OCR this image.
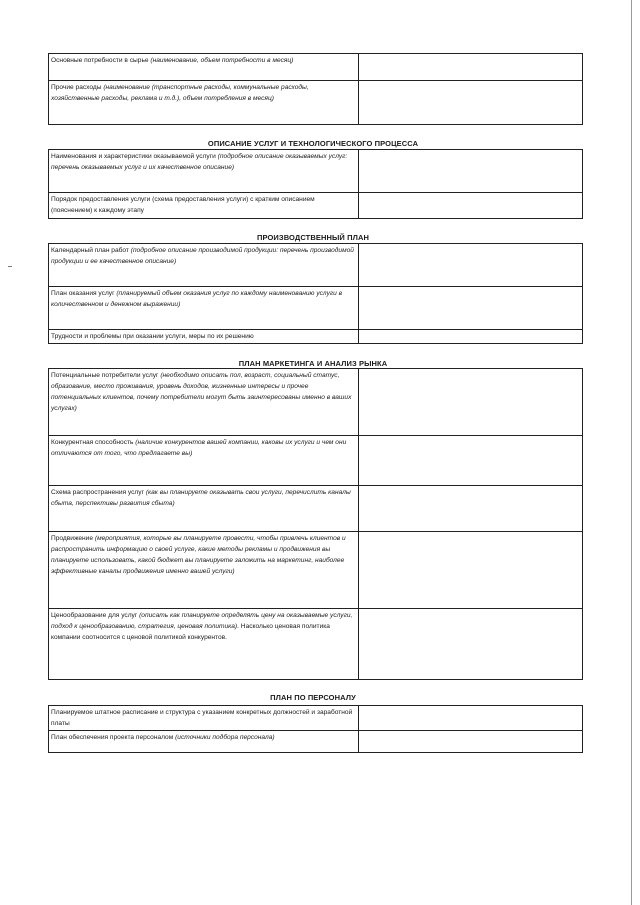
Основные потребности в сырье (наименование, объем потребности в месяц)	
Прочие расходы (наименование (транспортные расходы, коммунальные расходы, хозяйственные расходы, реклама и т.д.), объем потребления в месяц)	
ОПИСАНИЕ УСЛУГ И ТЕХНОЛОГИЧЕСКОГО ПРОЦЕССА
Наименования и характеристики оказываемой услуги (подробное описание оказываемых услуг: перечень оказываемых услуг и их качественное описание)	
Порядок предоставления услуги (схема предоставления услуги) с кратким описанием (пояснением) к каждому этапу	
ПРОИЗВОДСТВЕННЫЙ ПЛАН
Календарный план работ (подробное описание производимой продукции: перечень производимой продукции и ее качественное описание)	
План оказания услуг (планируемый объем оказания услуг по каждому наименованию услуги в количественном и денежном выражении)	
Трудности и проблемы при оказании услуги, меры по их решению	
ПЛАН МАРКЕТИНГА И АНАЛИЗ РЫНКА
Потенциальные потребители услуг (необходимо описать пол, возраст, социальный статус, образование, место проживания, уровень доходов, жизненные интересы и прочее потенциальных клиентов, почему потребители могут быть заинтересованы именно в ваших услугах)	
Конкурентная способность (наличие конкурентов вашей компании, каковы их услуги и чем они отличаются от того, что предлагаете вы)	
Схема распространения услуг (как вы планируете оказывать свои услуги, перечислить каналы сбыта, перспективы развития сбыта)	
Продвижение (мероприятия, которые вы планируете провести, чтобы привлечь клиентов и распространить информацию о своей услуге, какие методы рекламы и продвижения вы планируете использовать, какой бюджет вы планируете заложить на маркетинг, наиболее эффективные каналы продвижения именно вашей услуги)	
Ценообразование для услуг (описать как планируете определять цену на оказываемые услуги, подход к ценообразованию, стратегия, ценовая политика). Насколько ценовая политика компании соотносится с ценовой политикой конкурентов.	
ПЛАН ПО ПЕРСОНАЛУ
Планируемое штатное расписание и структура с указанием конкретных должностей и заработной платы	
План обеспечения проекта персоналом (источники подбора персонала)	
